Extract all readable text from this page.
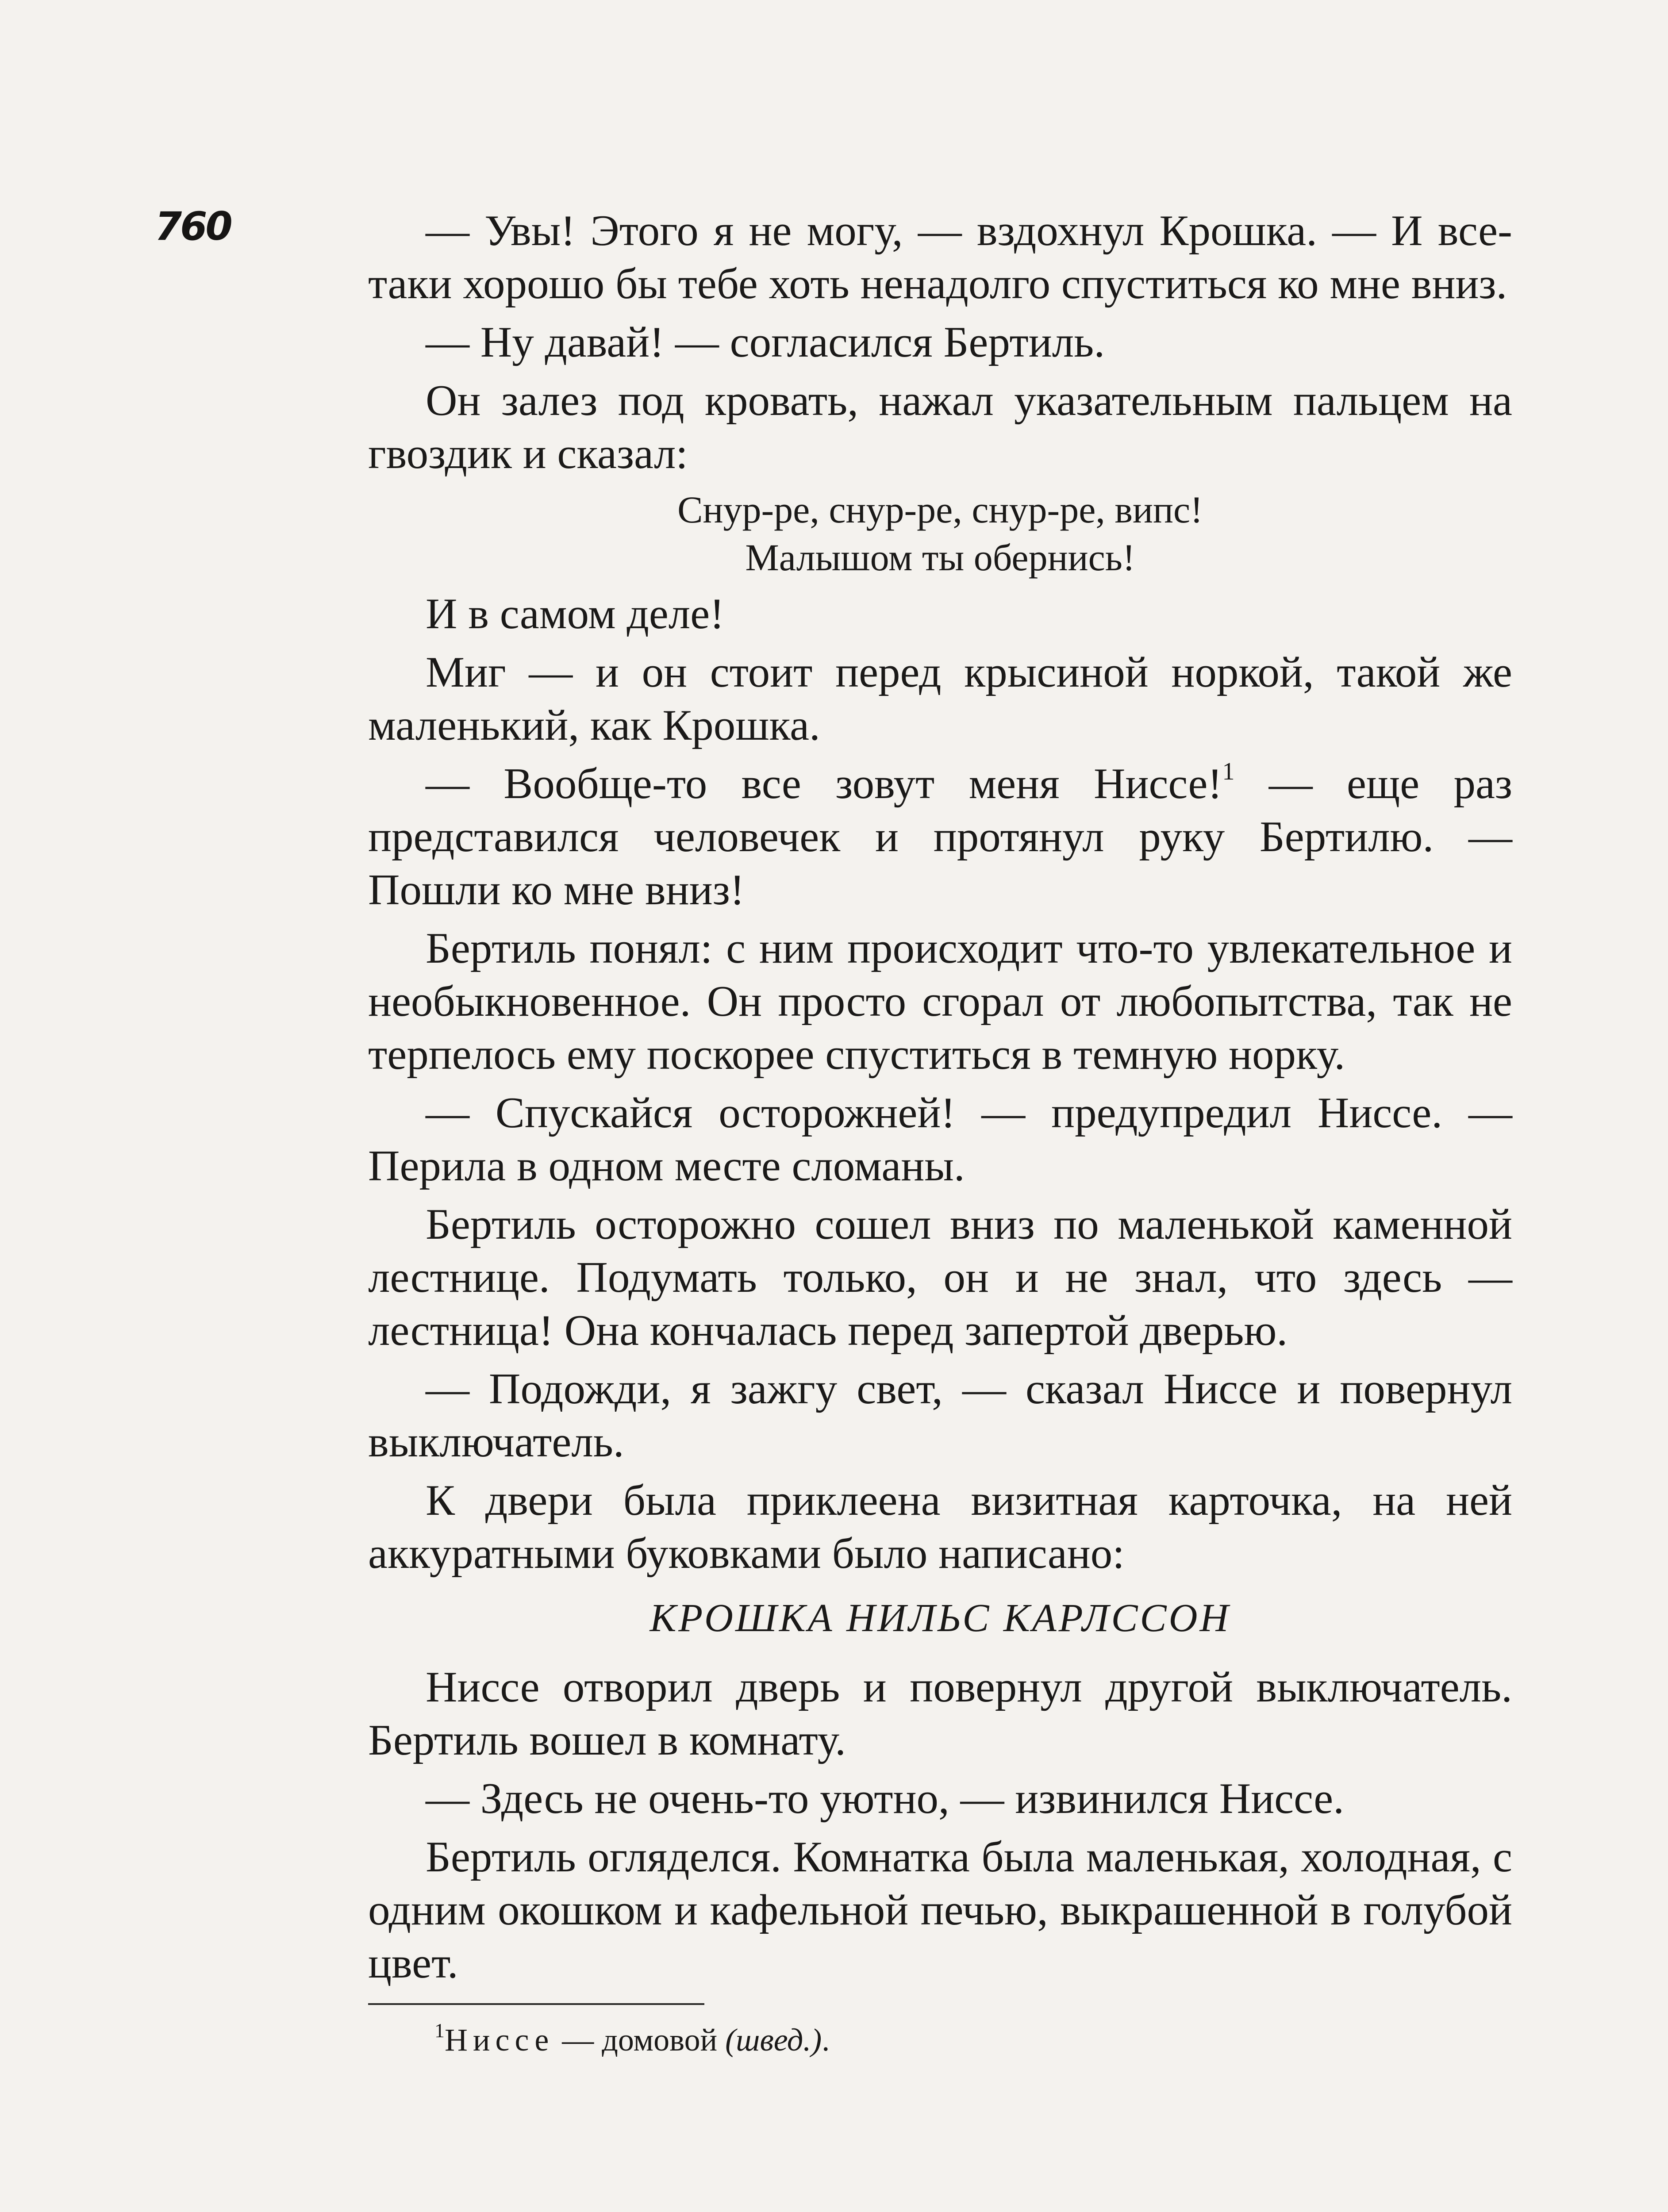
760	— Увы! Этого я не могу, — вздохнул Крошка. — И все-таки хорошо бы тебе хоть ненадолго спуститься ко мне вниз.

— Ну давай! — согласился Бертиль.

Он залез под кровать, нажал указательным пальцем на гвоздик и сказал:

Снур-ре, снур-ре, снур-ре, випс!
Малышом ты обернись!

И в самом деле!

Миг — и он стоит перед крысиной норкой, такой же маленький, как Крошка.

— Вообще-то все зовут меня Ниссе!$^1$ — еще раз представился человечек и протянул руку Бертилю. — Пошли ко мне вниз!

Бертиль понял: с ним происходит что-то увлекательное и необыкновенное. Он просто сгорал от любопытства, так не терпелось ему поскорее спуститься в темную норку.

— Спускайся осторожней! — предупредил Ниссе. — Перила в одном месте сломаны.

Бертиль осторожно сошел вниз по маленькой каменной лестнице. Подумать только, он и не знал, что здесь — лестница! Она кончалась перед запертой дверью.

— Подожди, я зажгу свет, — сказал Ниссе и повернул выключатель.

К двери была приклеена визитная карточка, на ней аккуратными буковками было написано:

КРОШКА НИЛЬС КАРЛССОН

Ниссе отворил дверь и повернул другой выключатель. Бертиль вошел в комнату.

— Здесь не очень-то уютно, — извинился Ниссе.

Бертиль огляделся. Комнатка была маленькая, холодная, с одним окошком и кафельной печью, выкрашенной в голубой цвет.

$^1$Ниссе — домовой (швед.).
